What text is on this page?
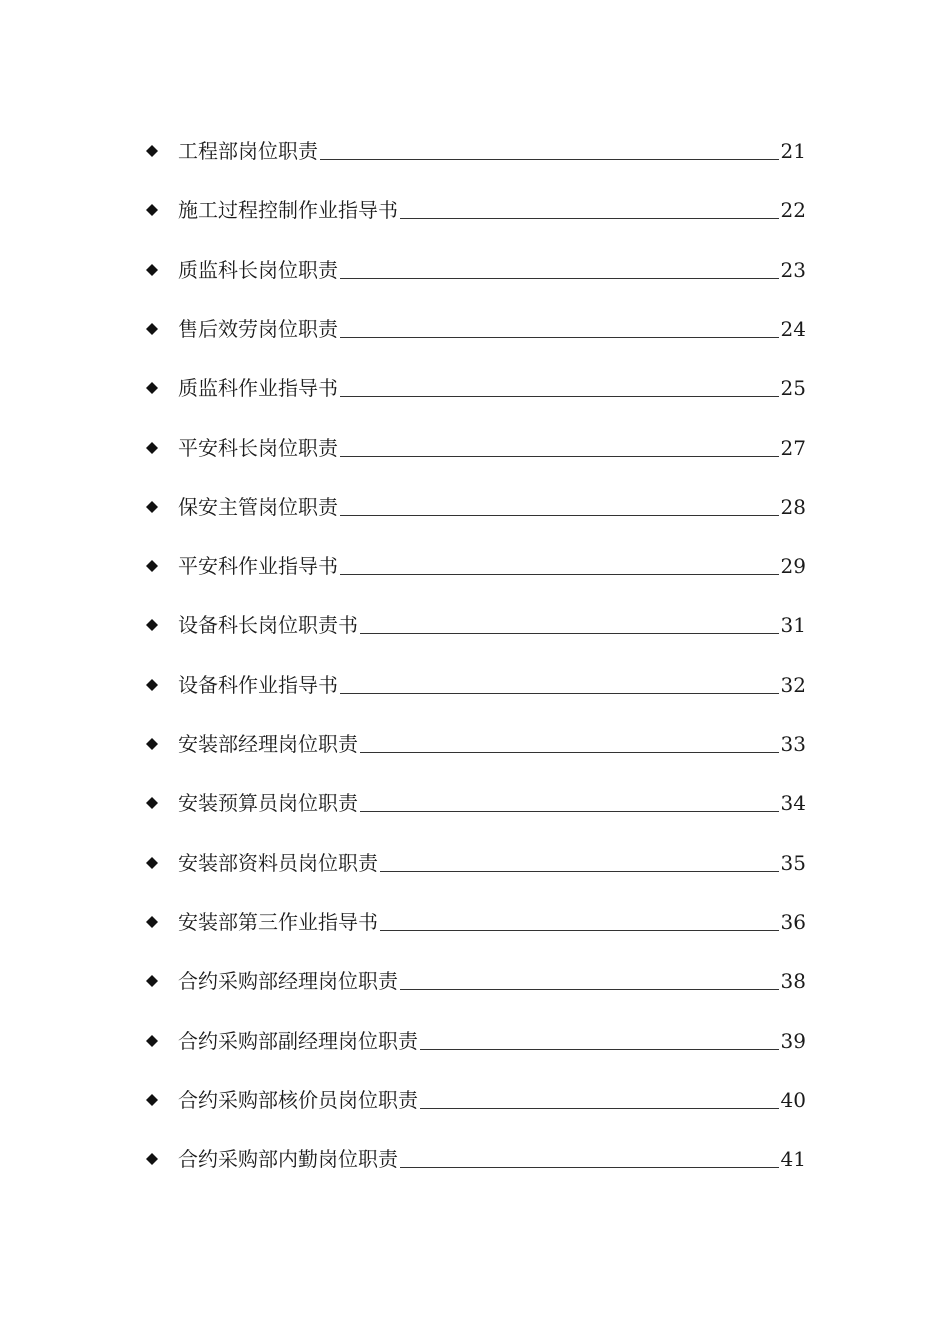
工程部岗位职责	21
施工过程控制作业指导书	22
质监科长岗位职责	23
售后效劳岗位职责	24
质监科作业指导书	25
平安科长岗位职责	27
保安主管岗位职责	28
平安科作业指导书	29
设备科长岗位职责书	31
设备科作业指导书	32
安装部经理岗位职责	33
安装预算员岗位职责	34
安装部资料员岗位职责	35
安装部第三作业指导书	36
合约采购部经理岗位职责	38
合约采购部副经理岗位职责	39
合约采购部核价员岗位职责	40
合约采购部内勤岗位职责	41
